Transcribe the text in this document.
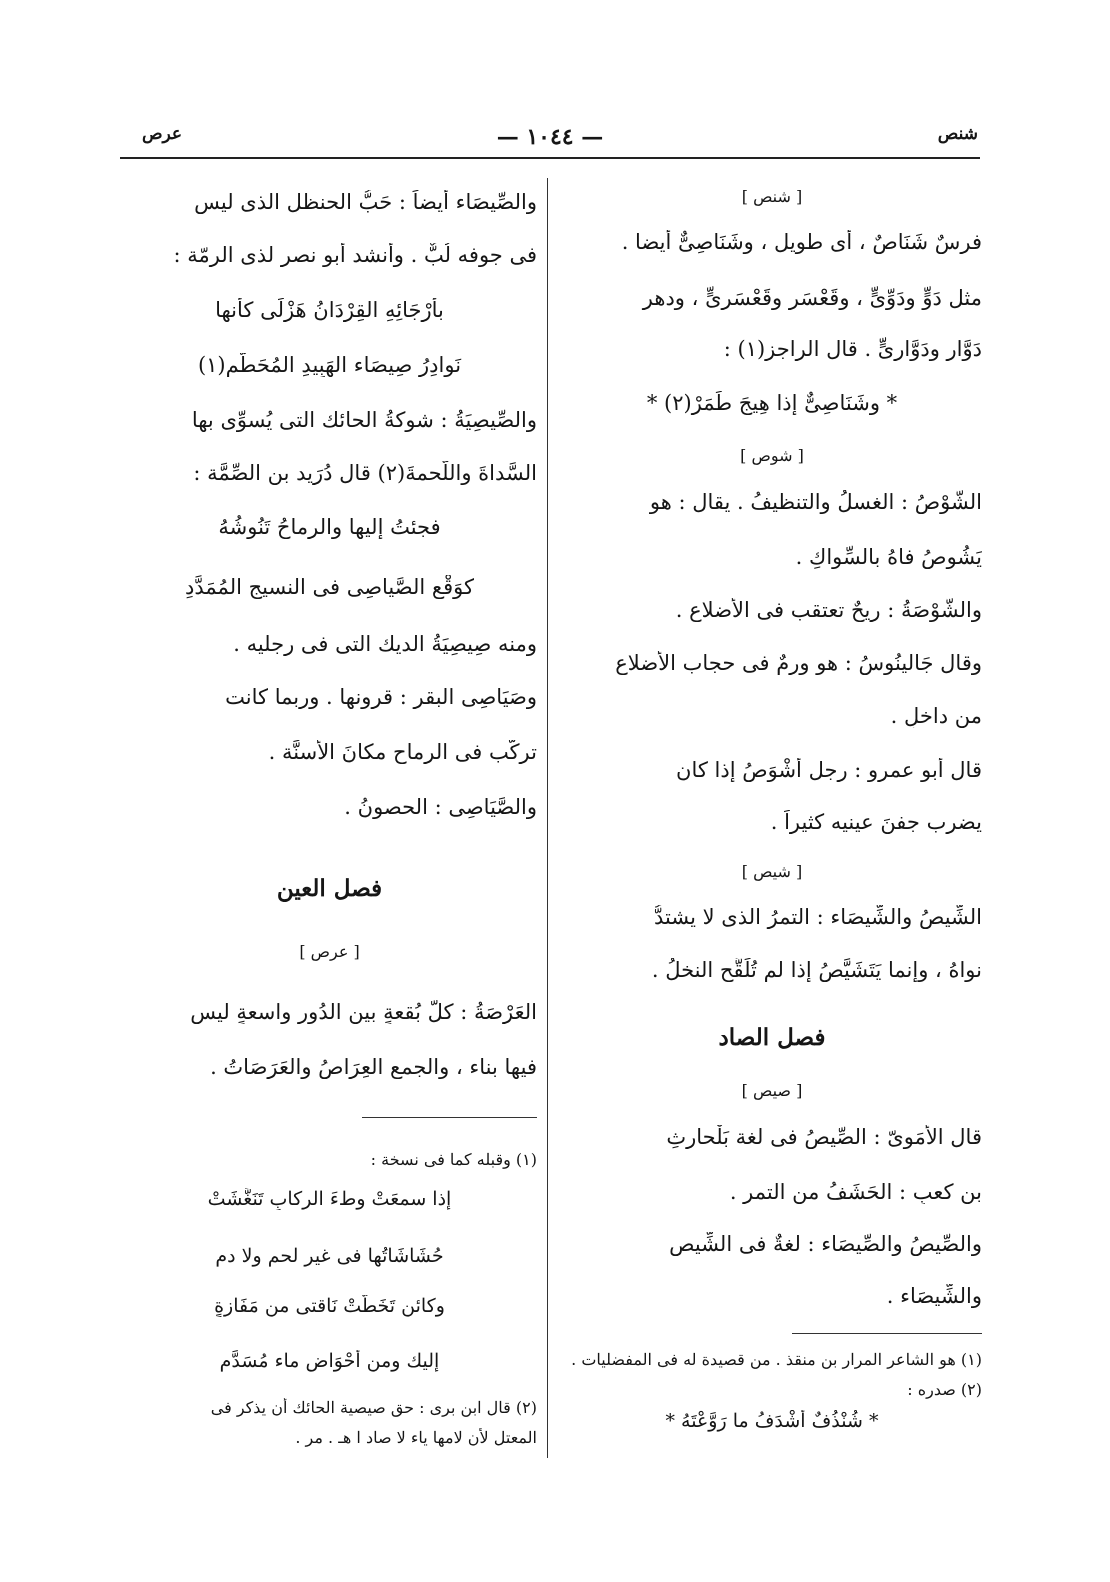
عرص	— ١٠٤٤ —	شنص
[ شنص ]
فرسٌ شَنَاصٌ ، أى طويل ، وشَنَاصِىٌّ أيضا .
مثل دَوٍّ ودَوِّىٍّ ، وقَعْسَرٍ وقَعْسَرِىٍّ ، ودهرٍ
دَوَّارٍ ودَوَّارِىٍّ . قال الراجز(١) :
* وشَنَاصِىٌّ إذا هِيجَ طَمَرْ(٢) *
[ شوص ]
الشَّوْصُ : الغسلُ والتنظيفُ . يقال : هو
يَشُوصُ فاهُ بالسِّواكِ .
والشَّوْصَةُ : ريحٌ تعتقب فى الأضلاع .
وقال جَالينُوسُ : هو ورمٌ فى حجاب الأضلاع
من داخلٍ .
قال أبو عمرو : رجل أشْوَصُ إذا كان
يضرب جفنَ عينيه كثيراً .
[ شيص ]
الشِّيصُ والشِّيصَاء : التمرُ الذى لا يشتدُّ
نواهُ ، وإنما يَتَشَيَّصُ إذا لم تُلَقَّحِ النخلُ .
فصل الصاد
[ صيص ]
قال الأمَوىّ : الصِّيصُ فى لغة بَلْحارثِ
بن كعبٍ : الحَشَفُ من التمر .
والصِّيصُ والصِّيصَاء : لغةٌ فى الشِّيصِ
والشِّيصَاء .
(١) هو الشاعر المرار بن منقذ . من قصيدة له فى المفضليات .
(٢) صدره :
* شُنْذُفٌ أشْدَفُ ما رَوَّعْتَهُ *
والصِّيصَاء أيضاً : حَبُّ الحنظلِ الذى ليس
فى جوفه لُبٌّ . وأنشد أبو نصرٍ لذى الرمّة :
بأرْجَائِهِ القِرْدَانُ هَزْلَى كأنها
نَوادِرُ صِيصَاء الهَبِيدِ المُحَطَّمِ(١)
والصِّيصِيَةُ : شوكةُ الحائك التى يُسوِّى بها
السَّداةَ واللُّحمةَ(٢) قال دُرَيد بن الصِّمَّة :
فجئتُ إليها والرماحُ تَنُوشُهُ
كوَقْعِ الصَّياصِى فى النسيجِ المُمَدَّدِ
ومنه صِيصِيَةُ الديك التى فى رجليه .
وصَيَاصِى البقرِ : قرونها . وربما كانت
تركَّب فى الرماح مكانَ الأسنَّة .
والصَّيَاصِى : الحصونُ .
فصل العين
[ عرص ]
العَرْصَةُ : كلُّ بُقعةٍ بين الدُورِ واسعةٍ ليس
فيها بناء ، والجمع العِرَاصُ والعَرَصَاتُ .
(١) وقبله كما فى نسخة :
إذا سمعَتْ وطءَ الركابِ تَنَغَّشَتْ
حُشَاشَاتُها فى غير لحمٍ ولا دمِ
وكائن تَخَطَّتْ نَاقتى من مَفَازةٍ
إليك ومن أحْوَاضِ ماء مُسَدَّمِ
(٢) قال ابن برى : حق صيصية الحائك أن يذكر فى
المعتل لأن لامها ياء لا صاد ا هـ . مر .
